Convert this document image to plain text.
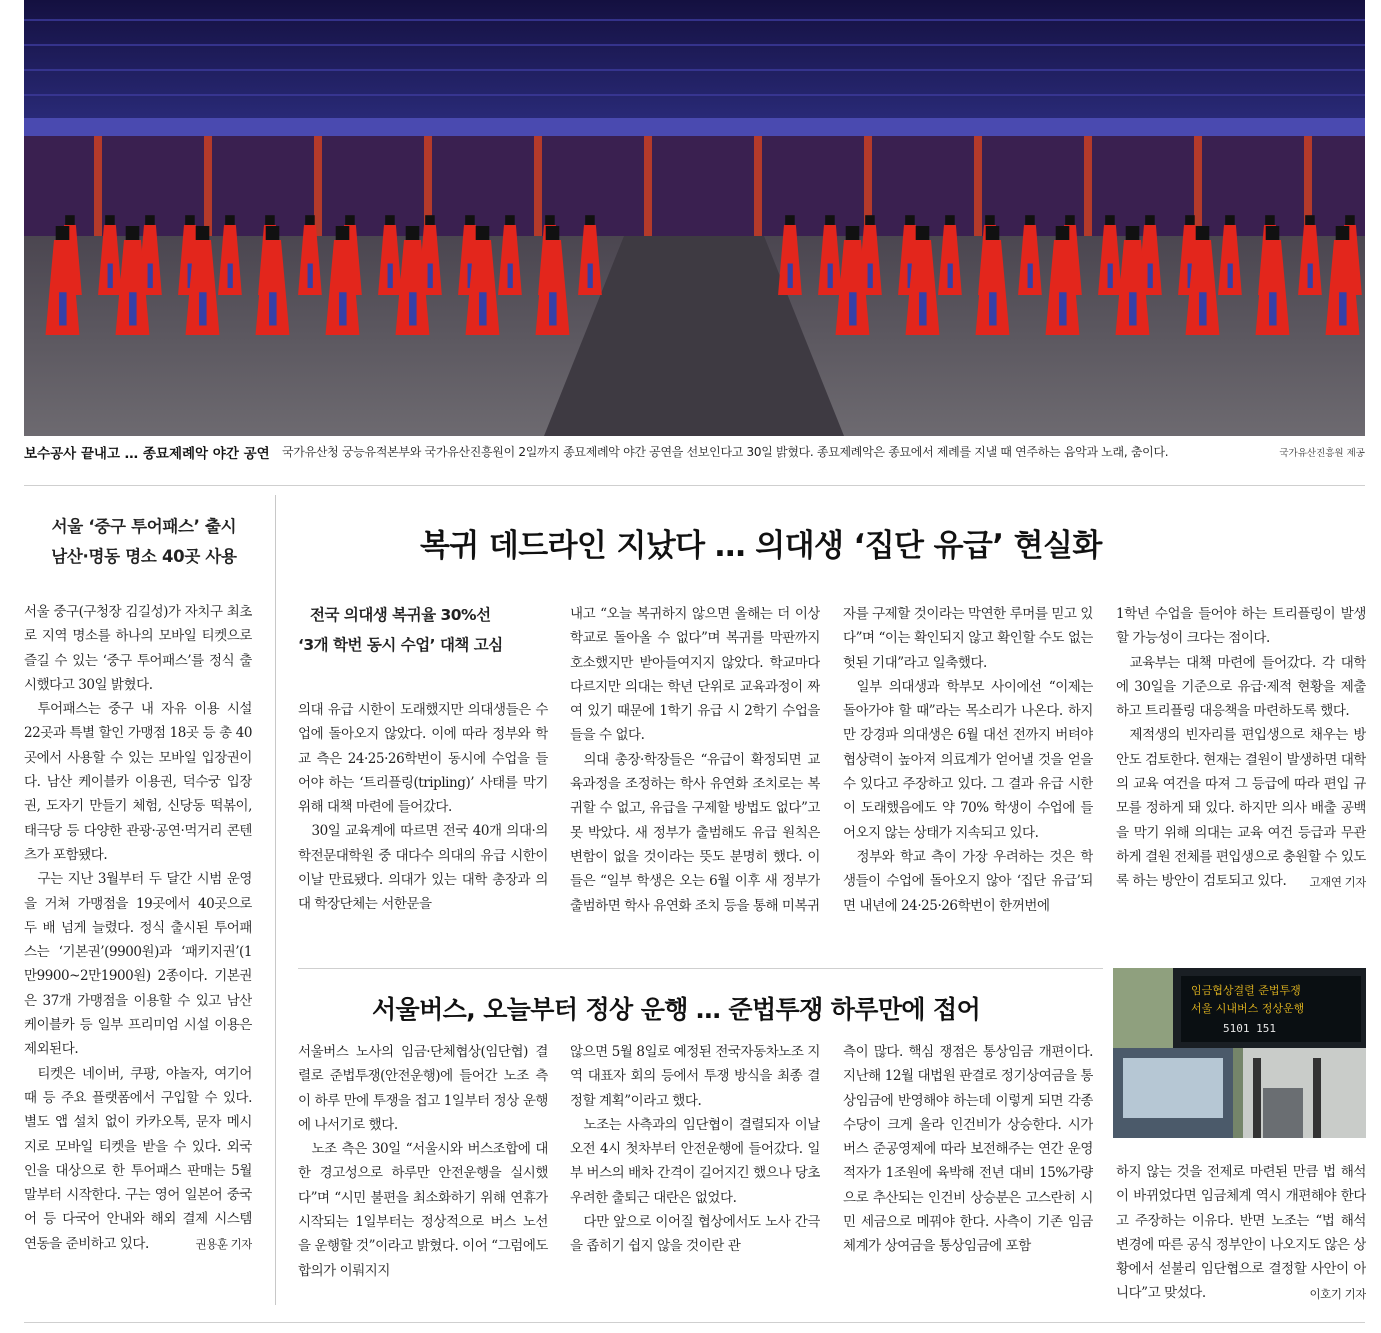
보수공사 끝내고 … 종묘제례악 야간 공연 국가유산청 궁능유적본부와 국가유산진흥원이 2일까지 종묘제례악 야간 공연을 선보인다고 30일 밝혔다. 종묘제례악은 종묘에서 제례를 지낼 때 연주하는 음악과 노래, 춤이다.	국가유산진흥원 제공
서울 ‘중구 투어패스’ 출시
남산·명동 명소 40곳 사용

서울 중구(구청장 김길성)가 자치구 최초로 지역 명소를 하나의 모바일 티켓으로 즐길 수 있는 ‘중구 투어패스’를 정식 출시했다고 30일 밝혔다.

투어패스는 중구 내 자유 이용 시설 22곳과 특별 할인 가맹점 18곳 등 총 40곳에서 사용할 수 있는 모바일 입장권이다. 남산 케이블카 이용권, 덕수궁 입장권, 도자기 만들기 체험, 신당동 떡볶이, 태극당 등 다양한 관광·공연·먹거리 콘텐츠가 포함됐다.

구는 지난 3월부터 두 달간 시범 운영을 거쳐 가맹점을 19곳에서 40곳으로 두 배 넘게 늘렸다. 정식 출시된 투어패스는 ‘기본권’(9900원)과 ‘패키지권’(1만9900~2만1900원) 2종이다. 기본권은 37개 가맹점을 이용할 수 있고 남산 케이블카 등 일부 프리미엄 시설 이용은 제외된다.

티켓은 네이버, 쿠팡, 야놀자, 여기어때 등 주요 플랫폼에서 구입할 수 있다. 별도 앱 설치 없이 카카오톡, 문자 메시지로 모바일 티켓을 받을 수 있다. 외국인을 대상으로 한 투어패스 판매는 5월 말부터 시작한다. 구는 영어 일본어 중국어 등 다국어 안내와 해외 결제 시스템 연동을 준비하고 있다.	권용훈 기자
복귀 데드라인 지났다 … 의대생 ‘집단 유급’ 현실화
전국 의대생 복귀율 30%선
‘3개 학번 동시 수업’ 대책 고심

의대 유급 시한이 도래했지만 의대생들은 수업에 돌아오지 않았다. 이에 따라 정부와 학교 측은 24·25·26학번이 동시에 수업을 들어야 하는 ‘트리플링(tripling)’ 사태를 막기 위해 대책 마련에 들어갔다.

30일 교육계에 따르면 전국 40개 의대·의학전문대학원 중 대다수 의대의 유급 시한이 이날 만료됐다. 의대가 있는 대학 총장과 의대 학장단체는 서한문을

내고 “오늘 복귀하지 않으면 올해는 더 이상 학교로 돌아올 수 없다”며 복귀를 막판까지 호소했지만 받아들여지지 않았다. 학교마다 다르지만 의대는 학년 단위로 교육과정이 짜여 있기 때문에 1학기 유급 시 2학기 수업을 들을 수 없다.

의대 총장·학장들은 “유급이 확정되면 교육과정을 조정하는 학사 유연화 조치로는 복귀할 수 없고, 유급을 구제할 방법도 없다”고 못 박았다. 새 정부가 출범해도 유급 원칙은 변함이 없을 것이라는 뜻도 분명히 했다. 이들은 “일부 학생은 오는 6월 이후 새 정부가 출범하면 학사 유연화 조치 등을 통해 미복귀

자를 구제할 것이라는 막연한 루머를 믿고 있다”며 “이는 확인되지 않고 확인할 수도 없는 헛된 기대”라고 일축했다.

일부 의대생과 학부모 사이에선 “이제는 돌아가야 할 때”라는 목소리가 나온다. 하지만 강경파 의대생은 6월 대선 전까지 버텨야 협상력이 높아져 의료계가 얻어낼 것을 얻을 수 있다고 주장하고 있다. 그 결과 유급 시한이 도래했음에도 약 70% 학생이 수업에 들어오지 않는 상태가 지속되고 있다.

정부와 학교 측이 가장 우려하는 것은 학생들이 수업에 돌아오지 않아 ‘집단 유급’되면 내년에 24·25·26학번이 한꺼번에

1학년 수업을 들어야 하는 트리플링이 발생할 가능성이 크다는 점이다.

교육부는 대책 마련에 들어갔다. 각 대학에 30일을 기준으로 유급·제적 현황을 제출하고 트리플링 대응책을 마련하도록 했다.

제적생의 빈자리를 편입생으로 채우는 방안도 검토한다. 현재는 결원이 발생하면 대학의 교육 여건을 따져 그 등급에 따라 편입 규모를 정하게 돼 있다. 하지만 의사 배출 공백을 막기 위해 의대는 교육 여건 등급과 무관하게 결원 전체를 편입생으로 충원할 수 있도록 하는 방안이 검토되고 있다.	고재연 기자
서울버스, 오늘부터 정상 운행 … 준법투쟁 하루만에 접어
임금협상결렬 준법투쟁
서울 시내버스 정상운행
5101 151

서울버스 노사의 임금·단체협상(임단협) 결렬로 준법투쟁(안전운행)에 들어간 노조 측이 하루 만에 투쟁을 접고 1일부터 정상 운행에 나서기로 했다.

노조 측은 30일 “서울시와 버스조합에 대한 경고성으로 하루만 안전운행을 실시했다”며 “시민 불편을 최소화하기 위해 연휴가 시작되는 1일부터는 정상적으로 버스 노선을 운행할 것”이라고 밝혔다. 이어 “그럼에도 합의가 이뤄지지

않으면 5월 8일로 예정된 전국자동차노조 지역 대표자 회의 등에서 투쟁 방식을 최종 결정할 계획”이라고 했다.

노조는 사측과의 임단협이 결렬되자 이날 오전 4시 첫차부터 안전운행에 들어갔다. 일부 버스의 배차 간격이 길어지긴 했으나 당초 우려한 출퇴근 대란은 없었다.

다만 앞으로 이어질 협상에서도 노사 간극을 좁히기 쉽지 않을 것이란 관

측이 많다. 핵심 쟁점은 통상임금 개편이다. 지난해 12월 대법원 판결로 정기상여금을 통상임금에 반영해야 하는데 이렇게 되면 각종 수당이 크게 올라 인건비가 상승한다. 시가 버스 준공영제에 따라 보전해주는 연간 운영 적자가 1조원에 육박해 전년 대비 15%가량으로 추산되는 인건비 상승분은 고스란히 시민 세금으로 메꿔야 한다. 사측이 기존 임금체계가 상여금을 통상임금에 포함

하지 않는 것을 전제로 마련된 만큼 법 해석이 바뀌었다면 임금체계 역시 개편해야 한다고 주장하는 이유다. 반면 노조는 “법 해석 변경에 따른 공식 정부안이 나오지도 않은 상황에서 섣불리 임단협으로 결정할 사안이 아니다”고 맞섰다.	이호기 기자
